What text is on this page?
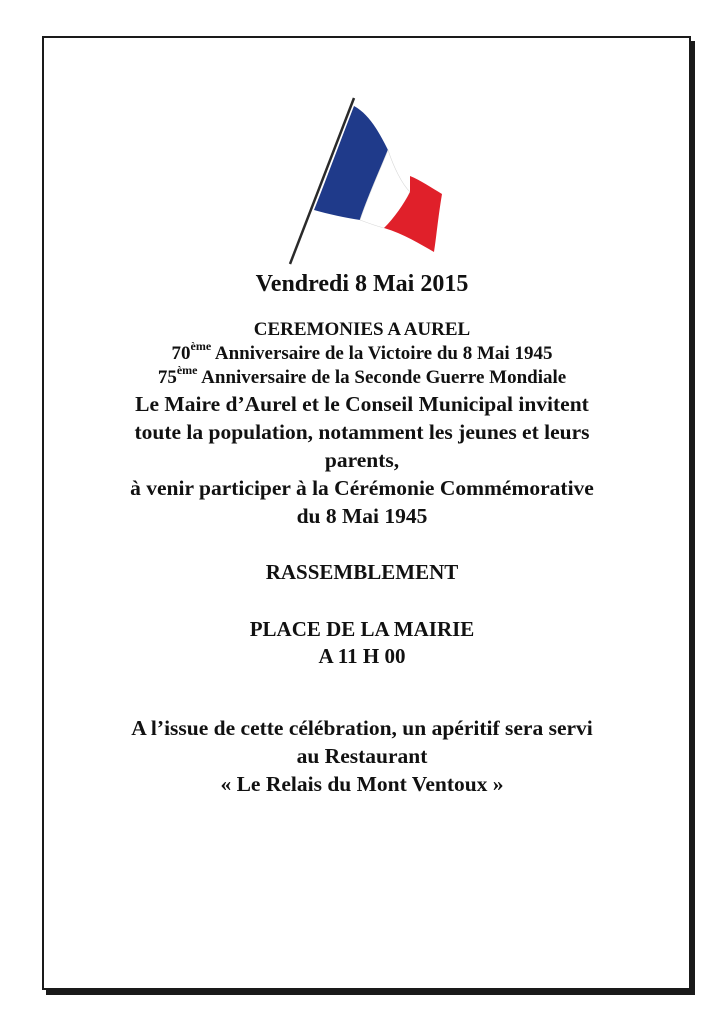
Vendredi 8 Mai 2015
CEREMONIES A AUREL
70ème Anniversaire de la Victoire du 8 Mai 1945
75ème Anniversaire de la Seconde Guerre Mondiale
Le Maire d’Aurel et le Conseil Municipal invitent
toute la population, notamment les jeunes et leurs
parents,
à venir participer à la Cérémonie Commémorative
du 8 Mai 1945
RASSEMBLEMENT
PLACE DE LA MAIRIE
A 11 H 00
A l’issue de cette célébration, un apéritif sera servi
au Restaurant
« Le Relais du Mont Ventoux »
